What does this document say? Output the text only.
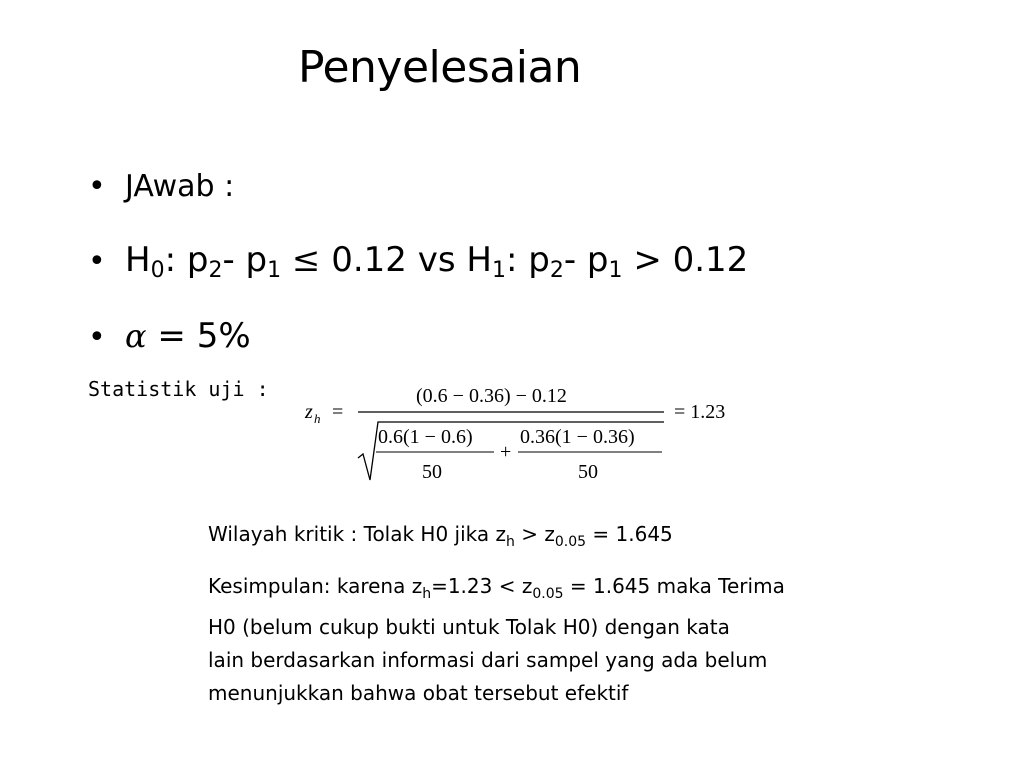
Penyelesaian
• JAwab :
• $H_0$: $p_2-$ $p_1 \le 0.12$ vs $H_1$: $p_2-$ $p_1 > 0.12$
• α = 5%
Statistik uji :
z h =
(0.6 − 0.36) − 0.12
0.6(1 − 0.6)
50
+
0.36(1 − 0.36)
50
= 1.23
Wilayah kritik : Tolak H0 jika $z_h > z_{0.05} = 1.645$
Kesimpulan: karena $z_h=1.23 < z_{0.05} = 1.645$ maka Terima
H0 (belum cukup bukti untuk Tolak H0) dengan kata
lain berdasarkan informasi dari sampel yang ada belum
menunjukkan bahwa obat tersebut efektif
